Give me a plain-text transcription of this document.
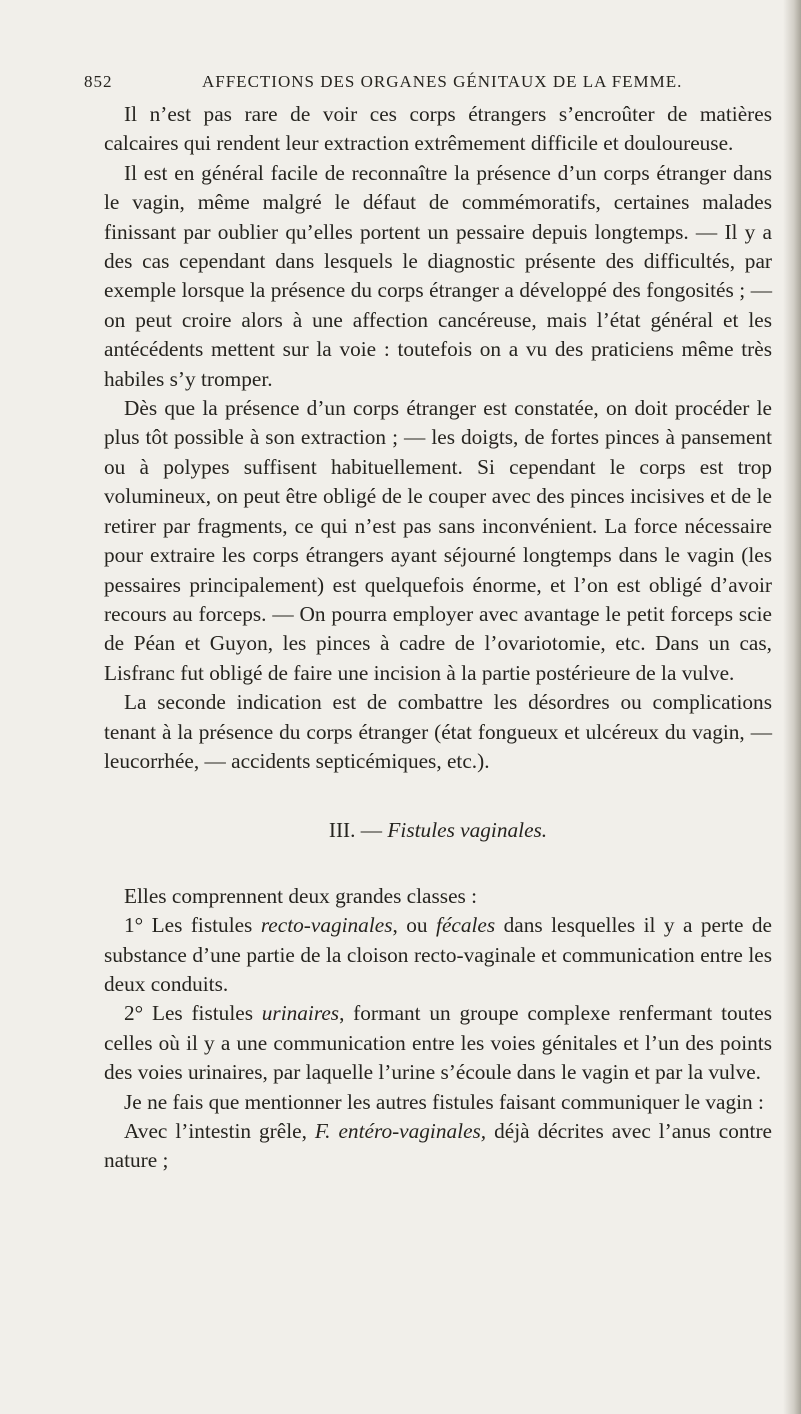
852	AFFECTIONS DES ORGANES GÉNITAUX DE LA FEMME.

Il n’est pas rare de voir ces corps étrangers s’encroûter de matières calcaires qui rendent leur extraction extrêmement difficile et douloureuse.

Il est en général facile de reconnaître la présence d’un corps étranger dans le vagin, même malgré le défaut de commémoratifs, certaines malades finissant par oublier qu’elles portent un pessaire depuis longtemps. — Il y a des cas cependant dans lesquels le diagnostic présente des difficultés, par exemple lorsque la présence du corps étranger a développé des fongosités ; — on peut croire alors à une affection cancéreuse, mais l’état général et les antécédents mettent sur la voie : toutefois on a vu des praticiens même très habiles s’y tromper.

Dès que la présence d’un corps étranger est constatée, on doit procéder le plus tôt possible à son extraction ; — les doigts, de fortes pinces à pansement ou à polypes suffisent habituellement. Si cependant le corps est trop volumineux, on peut être obligé de le couper avec des pinces incisives et de le retirer par fragments, ce qui n’est pas sans inconvénient. La force nécessaire pour extraire les corps étrangers ayant séjourné longtemps dans le vagin (les pessaires principalement) est quelquefois énorme, et l’on est obligé d’avoir recours au forceps. — On pourra employer avec avantage le petit forceps scie de Péan et Guyon, les pinces à cadre de l’ovariotomie, etc. Dans un cas, Lisfranc fut obligé de faire une incision à la partie postérieure de la vulve.

La seconde indication est de combattre les désordres ou complications tenant à la présence du corps étranger (état fongueux et ulcéreux du vagin, — leucorrhée, — accidents septicémiques, etc.).

III. — Fistules vaginales.

Elles comprennent deux grandes classes :

1° Les fistules recto-vaginales, ou fécales dans lesquelles il y a perte de substance d’une partie de la cloison recto-vaginale et communication entre les deux conduits.

2° Les fistules urinaires, formant un groupe complexe renfermant toutes celles où il y a une communication entre les voies génitales et l’un des points des voies urinaires, par laquelle l’urine s’écoule dans le vagin et par la vulve.

Je ne fais que mentionner les autres fistules faisant communiquer le vagin :

Avec l’intestin grêle, F. entéro-vaginales, déjà décrites avec l’anus contre nature ;
